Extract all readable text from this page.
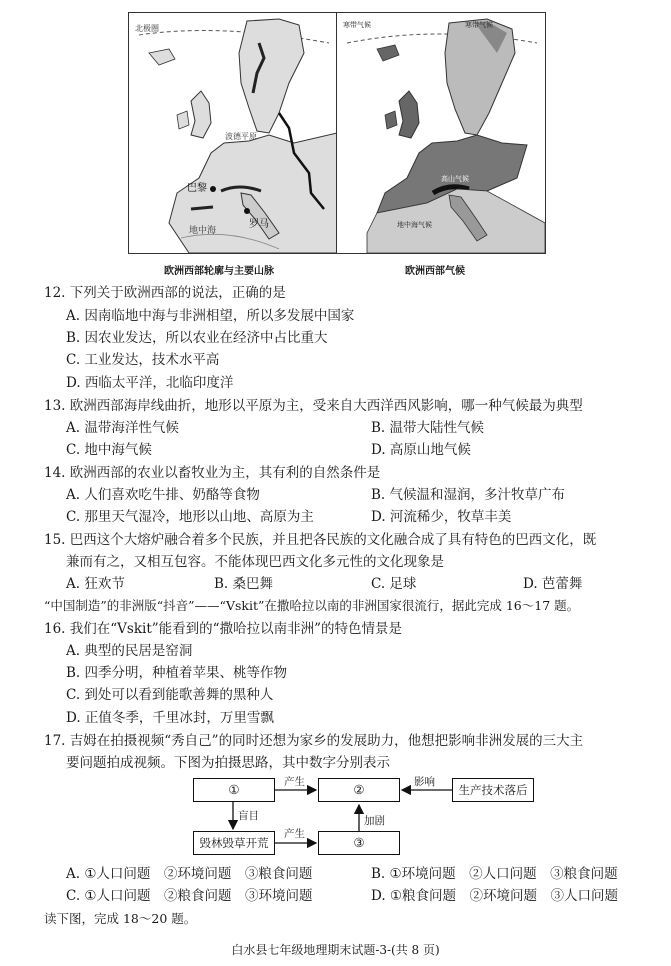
北极圈
波德平原
巴黎
罗马
地中海
寒带气候	寒带气候
高山气候
地中海气候
欧洲西部轮廓与主要山脉	欧洲西部气候
12. 下列关于欧洲西部的说法，正确的是
A. 因南临地中海与非洲相望，所以多发展中国家
B. 因农业发达，所以农业在经济中占比重大
C. 工业发达，技术水平高
D. 西临太平洋，北临印度洋
13. 欧洲西部海岸线曲折，地形以平原为主，受来自大西洋西风影响，哪一种气候最为典型
A. 温带海洋性气候	B. 温带大陆性气候
C. 地中海气候	D. 高原山地气候
14. 欧洲西部的农业以畜牧业为主，其有利的自然条件是
A. 人们喜欢吃牛排、奶酪等食物	B. 气候温和湿润，多汁牧草广布
C. 那里天气湿冷，地形以山地、高原为主	D. 河流稀少，牧草丰美
15. 巴西这个大熔炉融合着多个民族，并且把各民族的文化融合成了具有特色的巴西文化，既
兼而有之，又相互包容。不能体现巴西文化多元性的文化现象是
A. 狂欢节	B. 桑巴舞	C. 足球	D. 芭蕾舞
“中国制造”的非洲版“抖音”——“Vskit”在撒哈拉以南的非洲国家很流行，据此完成 16～17 题。
16. 我们在“Vskit”能看到的“撒哈拉以南非洲”的特色情景是
A. 典型的民居是窑洞
B. 四季分明，种植着苹果、桃等作物
C. 到处可以看到能歌善舞的黑种人
D. 正值冬季，千里冰封，万里雪飘
17. 吉姆在拍摄视频“秀自己”的同时还想为家乡的发展助力，他想把影响非洲发展的三大主
要问题拍成视频。下图为拍摄思路，其中数字分别表示
①	②	生产技术落后
毁林毁草开荒	③
产生	影响
盲目
产生
加剧
A. ①人口问题　②环境问题　③粮食问题	B. ①环境问题　②人口问题　③粮食问题
C. ①人口问题　②粮食问题　③环境问题	D. ①粮食问题　②环境问题　③人口问题
读下图，完成 18～20 题。
白水县七年级地理期末试题-3-(共 8 页)
